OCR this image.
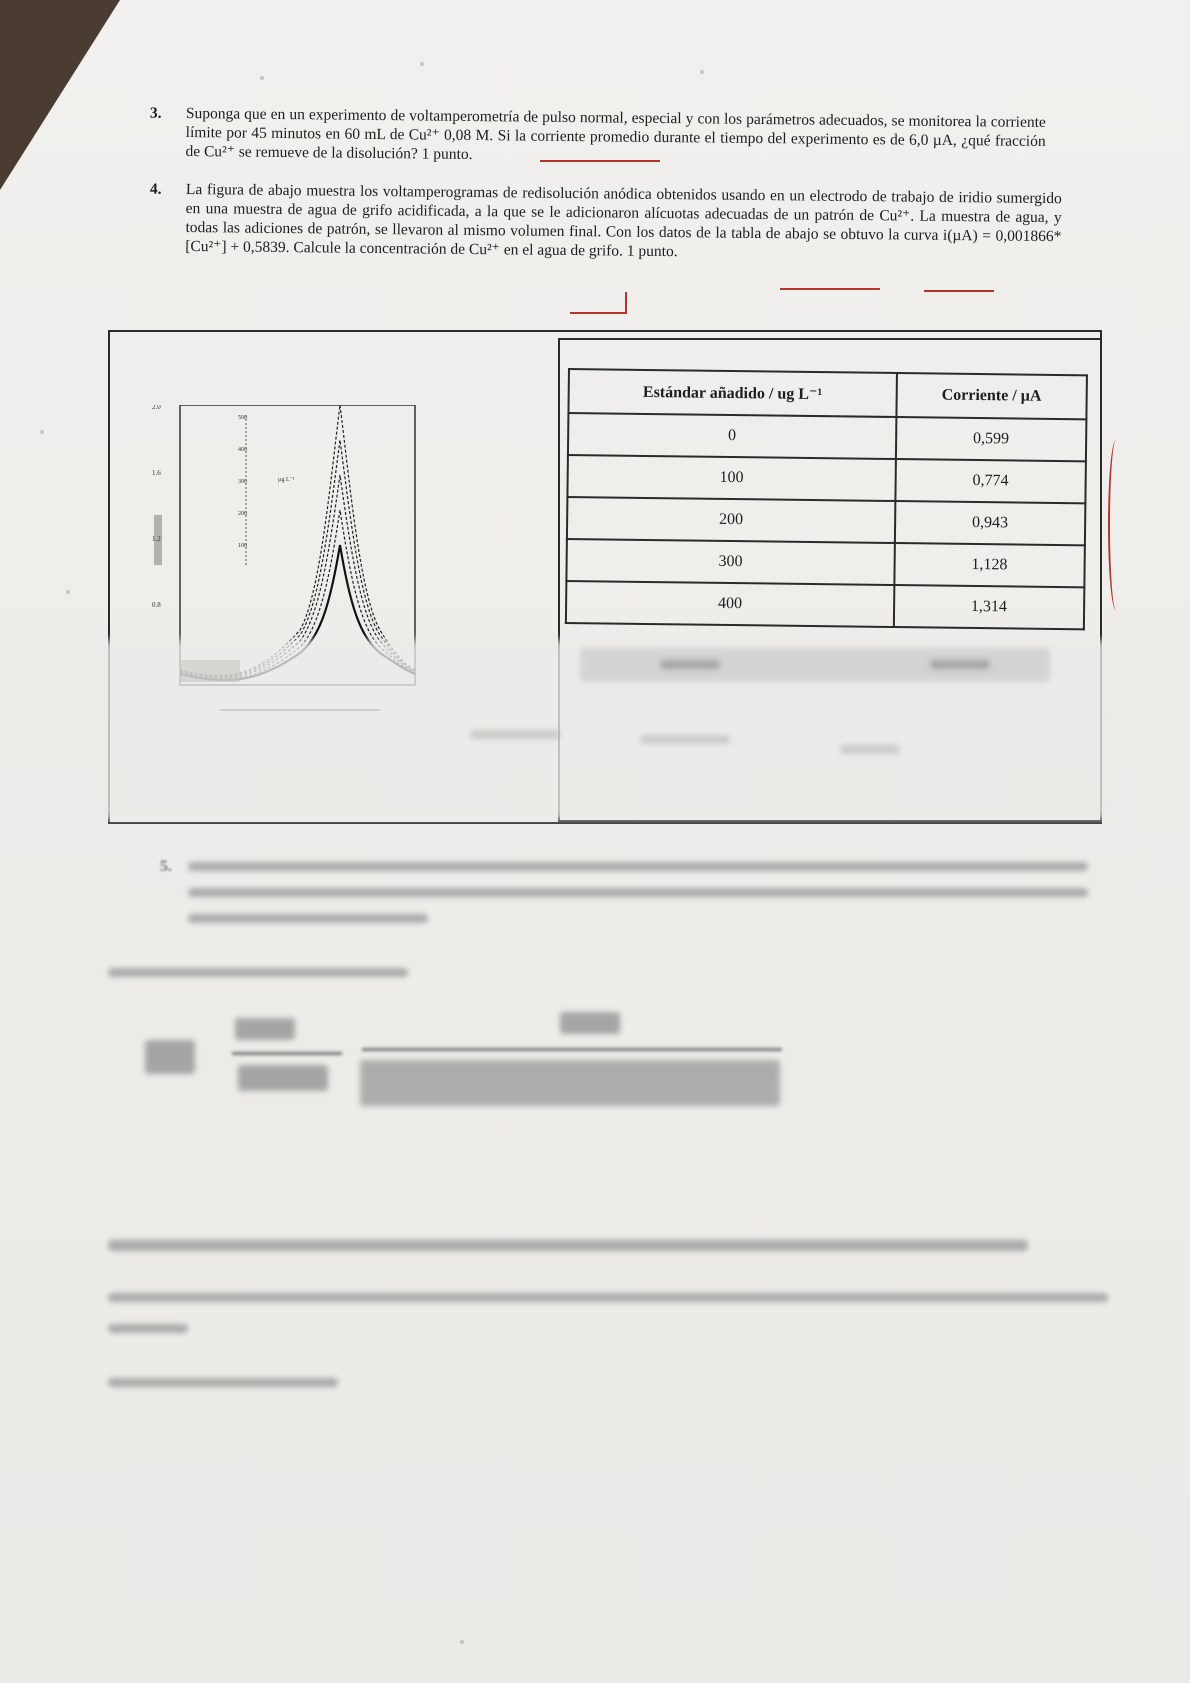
3. Suponga que en un experimento de voltamperometría de pulso normal, especial y con los parámetros adecuados, se monitorea la corriente límite por 45 minutos en 60 mL de Cu²⁺ 0,08 M. Si la corriente promedio durante el tiempo del experimento es de 6,0 µA, ¿qué fracción de Cu²⁺ se remueve de la disolución? 1 punto.

4. La figura de abajo muestra los voltamperogramas de redisolución anódica obtenidos usando en un electrodo de trabajo de iridio sumergido en una muestra de agua de grifo acidificada, a la que se le adicionaron alícuotas adecuadas de un patrón de Cu²⁺. La muestra de agua, y todas las adiciones de patrón, se llevaron al mismo volumen final. Con los datos de la tabla de abajo se obtuvo la curva i(µA) = 0,001866*[Cu²⁺] + 0,5839. Calcule la concentración de Cu²⁺ en el agua de grifo. 1 punto.

2.0
1.6
1.2
0.8
500
400
300
200
100
µg L⁻¹
Estándar añadido / ug L⁻¹	Corriente / µA
0	0,599
100	0,774
200	0,943
300	1,128
400	1,314
5.
